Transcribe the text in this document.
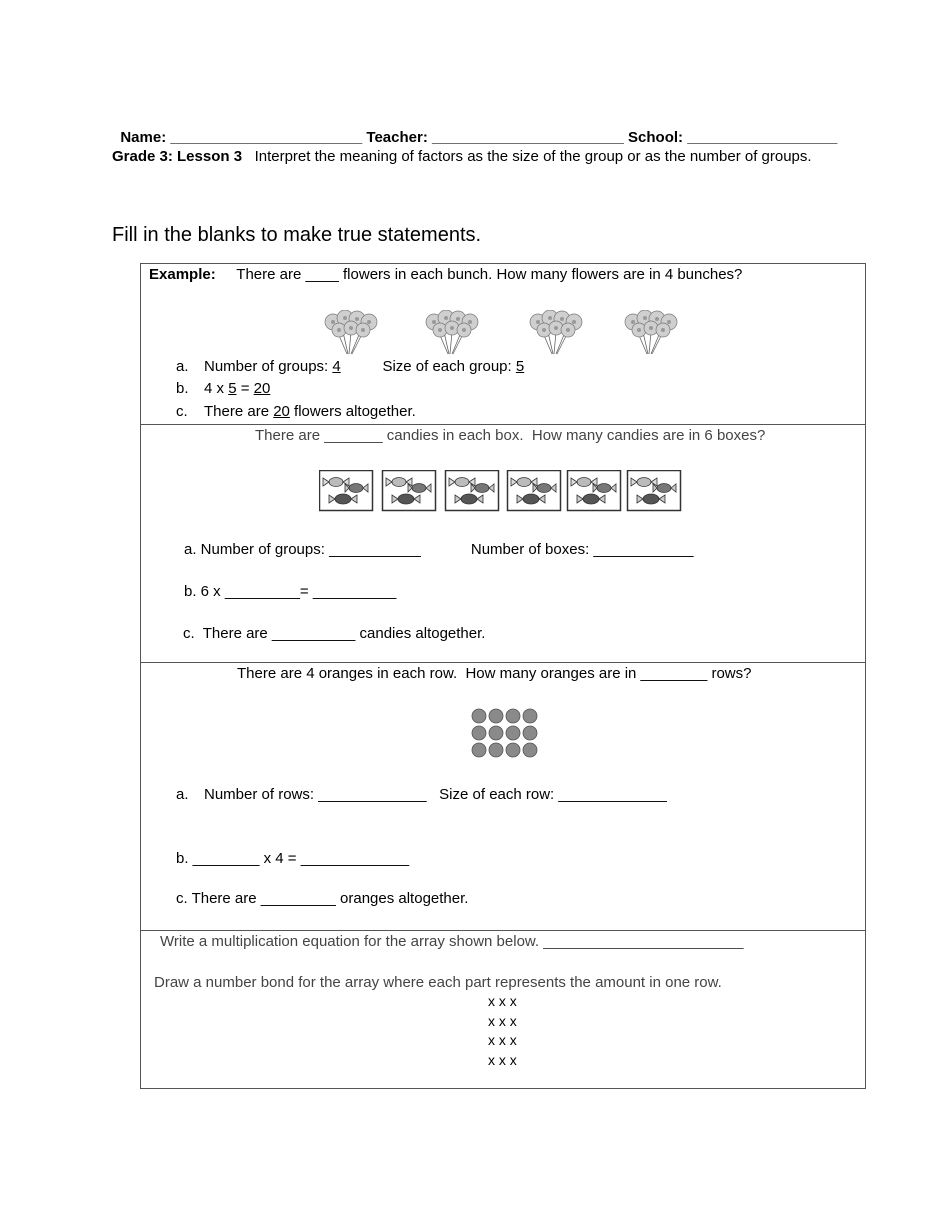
Name: _______________________ Teacher: _______________________ School: __________________

Grade 3: Lesson 3 Interpret the meaning of factors as the size of the group or as the number of groups.
Fill in the blanks to make true statements.
Example: There are ____ flowers in each bunch. How many flowers are in 4 bunches?
a. Number of groups: 4	Size of each group: 5
b. 4 x 5 = 20
c. There are 20 flowers altogether.
There are _______ candies in each box.  How many candies are in 6 boxes?
a. Number of groups: ___________	Number of boxes: ____________
b. 6 x _________= __________
c.  There are __________ candies altogether.
There are 4 oranges in each row.  How many oranges are in ________ rows?
a. Number of rows: _____________ Size of each row: _____________
b. ________ x 4 = _____________
c. There are _________ oranges altogether.
Write a multiplication equation for the array shown below. ________________________
Draw a number bond for the array where each part represents the amount in one row.
x x x
x x x
x x x
x x x
